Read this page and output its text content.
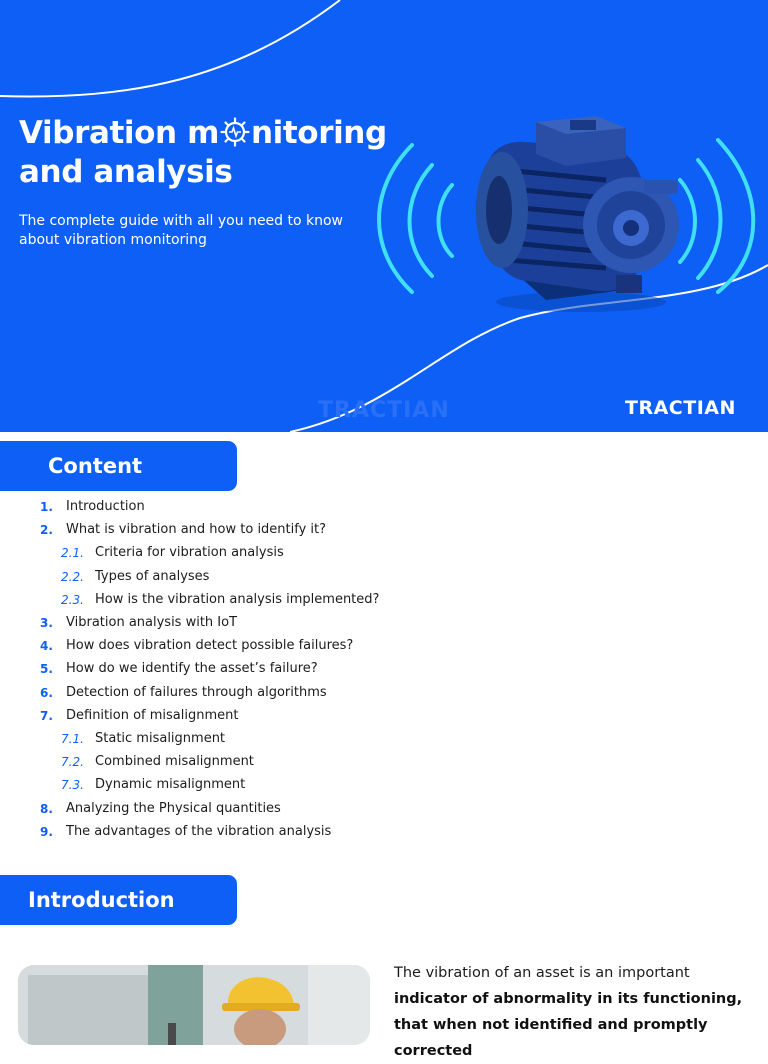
Vibration m nitoring
and analysis

The complete guide with all you need to know about vibration monitoring

TRACTIAN	TRACTIAN
Content
1. Introduction
2. What is vibration and how to identify it?
2.1. Criteria for vibration analysis
2.2. Types of analyses
2.3. How is the vibration analysis implemented?
3. Vibration analysis with IoT
4. How does vibration detect possible failures?
5. How do we identify the asset’s failure?
6. Detection of failures through algorithms
7. Definition of misalignment
7.1. Static misalignment
7.2. Combined misalignment
7.3. Dynamic misalignment
8. Analyzing the Physical quantities
9. The advantages of the vibration analysis
Introduction

The vibration of an asset is an important
indicator of abnormality in its functioning, that when not identified and promptly corrected
